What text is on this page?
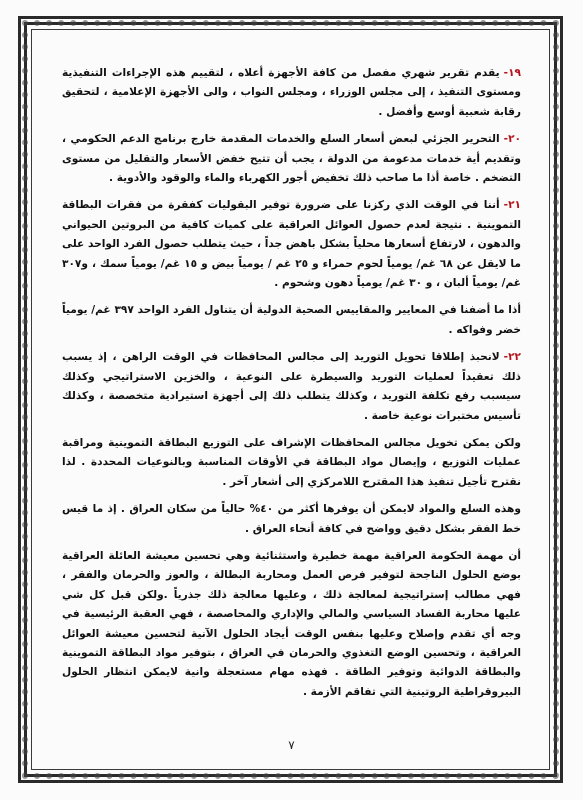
١٩-يقدم تقرير شهري مفصل من كافة الأجهزة أعلاه ، لتقييم هذه الإجراءات التنفيذية ومستوى التنفيذ ، إلى مجلس الوزراء ، ومجلس النواب ، والى الأجهزة الإعلامية ، لتحقيق رقابة شعبية أوسع وأفضل .

٢٠-التحرير الجزئي لبعض أسعار السلع والخدمات المقدمة خارج برنامج الدعم الحكومي ، وتقديم أية خدمات مدعومة من الدولة ، يجب أن تتيح خفض الأسعار والتقليل من مستوى التضخم . خاصة أذا ما صاحب ذلك تخفيض أجور الكهرباء والماء والوقود والأدوية .

٢١-أننا في الوقت الذي ركزنا على ضرورة توفير البقوليات كفقرة من فقرات البطاقة التموينية . نتيجة لعدم حصول العوائل العراقية على كميات كافية من البروتين الحيواني والدهون ، لارتفاع أسعارها محلياً بشكل باهض جداً ، حيث يتطلب حصول الفرد الواحد على ما لايقل عن ٦٨ غم/ يومياً لحوم حمراء و ٢٥ غم / يومياً بيض و ١٥ غم/ يومياً سمك ، و٣٠٧ غم/ يومياً ألبان ، و ٣٠ غم/ يومياً دهون وشحوم .

أذا ما أضفنا في المعايير والمقاييس الصحية الدولية أن يتناول الفرد الواحد ٣٩٧ غم/ يومياً خضر وفواكه .

٢٢-لانحبذ إطلاقا تحويل التوريد إلى مجالس المحافظات في الوقت الراهن ، إذ يسبب ذلك تعقيداً لعمليات التوريد والسيطرة على النوعية ، والخزين الاستراتيجي وكذلك سيسبب رفع تكلفة التوريد ، وكذلك يتطلب ذلك إلى أجهزة استيرادية متخصصة ، وكذلك تأسيس مختبرات نوعية خاصة .

ولكن يمكن تخويل مجالس المحافظات الإشراف على التوزيع البطاقة التموينية ومراقبة عمليات التوزيع ، وإيصال مواد البطاقة في الأوقات المناسبة وبالنوعيات المحددة . لذا نقترح تأجيل تنفيذ هذا المقترح اللامركزي إلى أشعار آخر .

وهذه السلع والمواد لايمكن أن يوفرها أكثر من ٤٠% حالياً من سكان العراق . إذ ما قيس خط الفقر بشكل دقيق وواضح في كافة أنحاء العراق .

أن مهمة الحكومة العراقية مهمة خطيرة واستثنائية وهي تحسين معيشة العائلة العراقية بوضع الحلول الناجحة لتوفير فرص العمل ومحاربة البطالة ، والعوز والحرمان والفقر ، فهي مطالب إستراتيجية لمعالجة ذلك ، وعليها معالجة ذلك جذرياً .ولكن قبل كل شي عليها محاربة الفساد السياسي والمالي والإداري والمحاصصة ، فهي العقبة الرئيسية في وجه أي تقدم وإصلاح وعليها بنفس الوقت أيجاد الحلول الآنية لتحسين معيشة العوائل العراقية ، وتحسين الوضع التغذوي والحرمان في العراق ، بتوفير مواد البطاقة التموينية والبطاقة الدوائية وتوفير الطاقة . فهذه مهام مستعجلة وانية لايمكن انتظار الحلول البيروقراطية الروتينية التي تفاقم الأزمة .

٧
